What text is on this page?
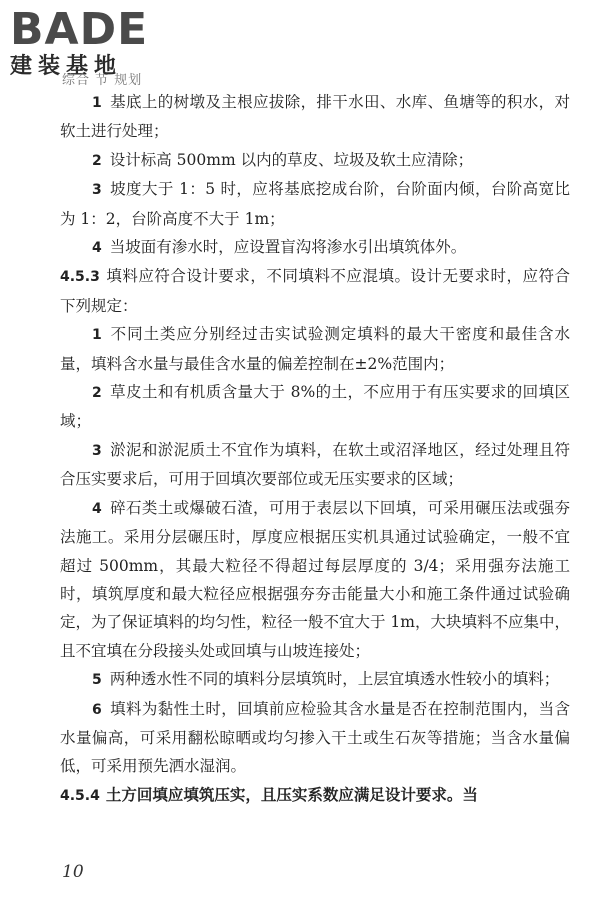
BADE
建装基地
综合 节 规划

1 基底上的树墩及主根应拔除，排干水田、水库、鱼塘等的积水，对软土进行处理；

2 设计标高 500mm 以内的草皮、垃圾及软土应清除；

3 坡度大于 1：5 时，应将基底挖成台阶，台阶面内倾，台阶高宽比为 1：2，台阶高度不大于 1m；

4 当坡面有渗水时，应设置盲沟将渗水引出填筑体外。

4.5.3 填料应符合设计要求，不同填料不应混填。设计无要求时，应符合下列规定：

1 不同土类应分别经过击实试验测定填料的最大干密度和最佳含水量，填料含水量与最佳含水量的偏差控制在±2%范围内；

2 草皮土和有机质含量大于 8%的土，不应用于有压实要求的回填区域；

3 淤泥和淤泥质土不宜作为填料，在软土或沼泽地区，经过处理且符合压实要求后，可用于回填次要部位或无压实要求的区域；

4 碎石类土或爆破石渣，可用于表层以下回填，可采用碾压法或强夯法施工。采用分层碾压时，厚度应根据压实机具通过试验确定，一般不宜超过 500mm，其最大粒径不得超过每层厚度的 3/4；采用强夯法施工时，填筑厚度和最大粒径应根据强夯夯击能量大小和施工条件通过试验确定，为了保证填料的均匀性，粒径一般不宜大于 1m，大块填料不应集中，且不宜填在分段接头处或回填与山坡连接处；

5 两种透水性不同的填料分层填筑时，上层宜填透水性较小的填料；

6 填料为黏性土时，回填前应检验其含水量是否在控制范围内，当含水量偏高，可采用翻松晾晒或均匀掺入干土或生石灰等措施；当含水量偏低，可采用预先洒水湿润。

4.5.4 土方回填应填筑压实，且压实系数应满足设计要求。当

10
